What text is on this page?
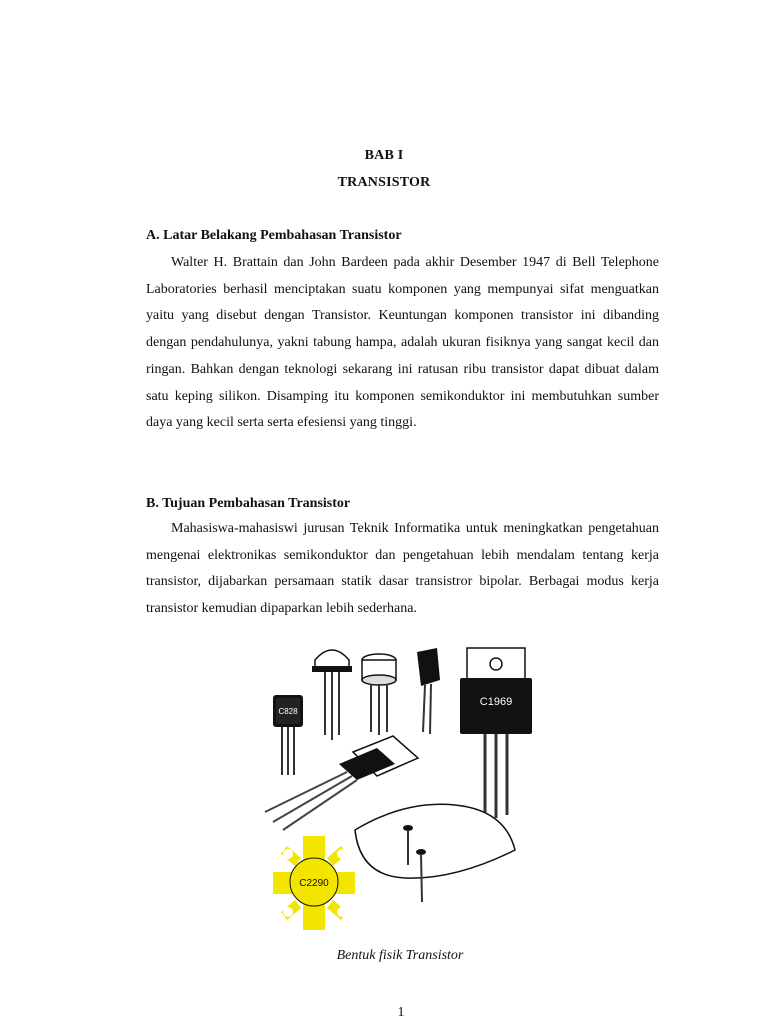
BAB I
TRANSISTOR
A. Latar Belakang Pembahasan Transistor

Walter H. Brattain dan John Bardeen pada akhir Desember 1947 di Bell Telephone Laboratories berhasil menciptakan suatu komponen yang mempunyai sifat menguatkan yaitu yang disebut dengan Transistor. Keuntungan komponen transistor ini dibanding dengan pendahulunya, yakni tabung hampa, adalah ukuran fisiknya yang sangat kecil dan ringan. Bahkan dengan teknologi sekarang ini ratusan ribu transistor dapat dibuat dalam satu keping silikon. Disamping itu komponen semikonduktor ini membutuhkan sumber daya yang kecil serta serta efesiensi yang tinggi.

B. Tujuan Pembahasan Transistor

Mahasiswa-mahasiswi jurusan Teknik Informatika untuk meningkatkan pengetahuan mengenai elektronikas semikonduktor dan pengetahuan lebih mendalam tentang kerja transistor, dijabarkan persamaan statik dasar transistror bipolar. Berbagai modus kerja transistor kemudian dipaparkan lebih sederhana.

C828
C1969
C2290
Bentuk fisik Transistor
1
